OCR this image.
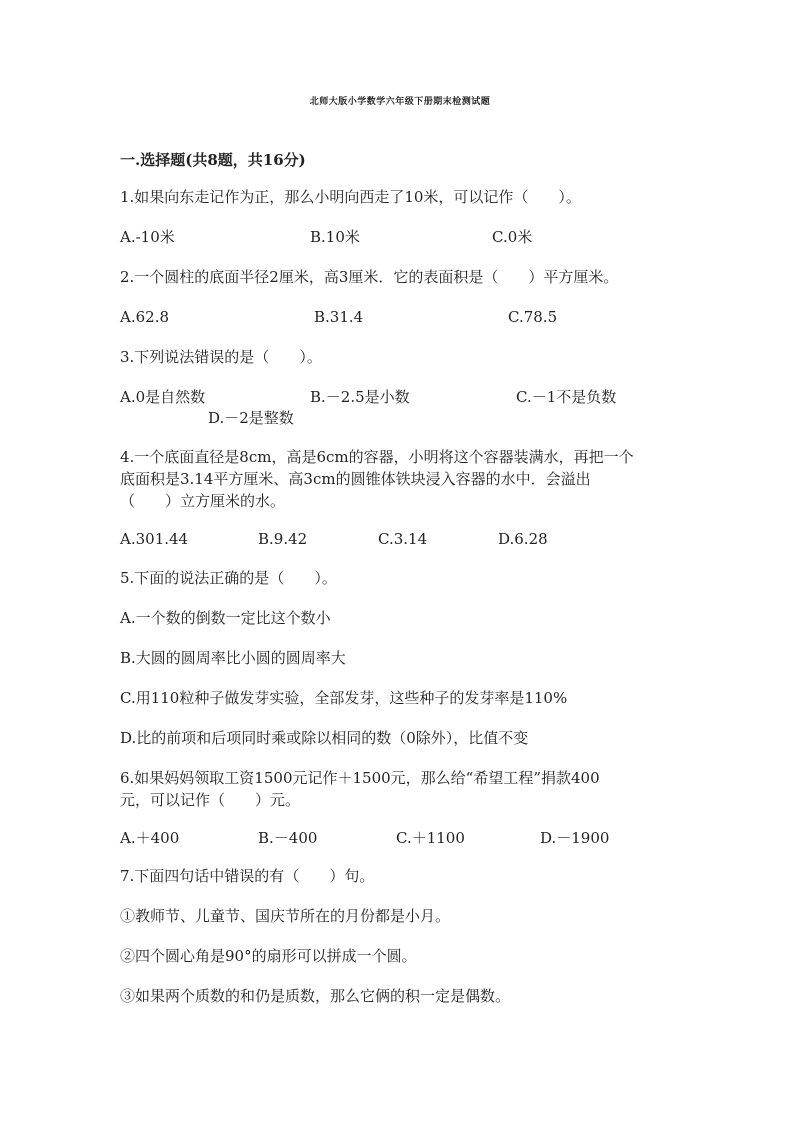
北师大版小学数学六年级下册期末检测试题
一.选择题(共8题，共16分)
1.如果向东走记作为正，那么小明向西走了10米，可以记作（　　）。
A.-10米	B.10米	C.0米
2.一个圆柱的底面半径2厘米，高3厘米．它的表面积是（　　）平方厘米。
A.62.8	B.31.4	C.78.5
3.下列说法错误的是（　　）。
A.0是自然数	B.－2.5是小数	C.－1不是负数
D.－2是整数
4.一个底面直径是8cm，高是6cm的容器，小明将这个容器装满水，再把一个
底面积是3.14平方厘米、高3cm的圆锥体铁块浸入容器的水中．会溢出
（　　）立方厘米的水。
A.301.44	B.9.42	C.3.14	D.6.28
5.下面的说法正确的是（　　）。
A.一个数的倒数一定比这个数小
B.大圆的圆周率比小圆的圆周率大
C.用110粒种子做发芽实验，全部发芽，这些种子的发芽率是110%
D.比的前项和后项同时乘或除以相同的数（0除外），比值不变
6.如果妈妈领取工资1500元记作＋1500元，那么给“希望工程”捐款400
元，可以记作（　　）元。
A.＋400	B.－400	C.＋1100	D.－1900
7.下面四句话中错误的有（　　）句。
①教师节、儿童节、国庆节所在的月份都是小月。
②四个圆心角是90°的扇形可以拼成一个圆。
③如果两个质数的和仍是质数，那么它俩的积一定是偶数。
